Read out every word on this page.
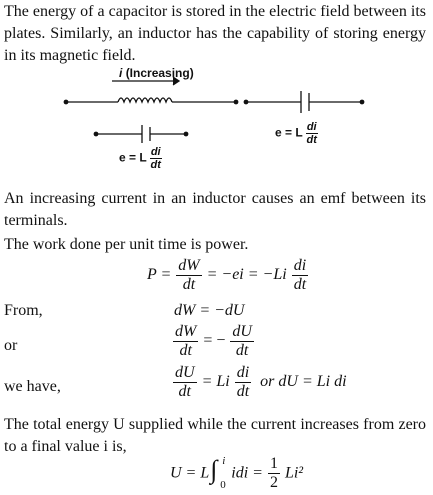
The energy of a capacitor is stored in the electric field between its plates. Similarly, an inductor has the capability of storing energy in its magnetic field.

i (Increasing)
e = L $\frac{di}{dt}$
e = L $\frac{di}{dt}$

An increasing current in an inductor causes an emf between its terminals.

The work done per unit time is power.

$P = \frac{dW}{dt} = -ei = -Li \frac{di}{dt}$
From,	dW = −dU
or	$\frac{dW}{dt}$ = − $\frac{dU}{dt}$
we have,	$\frac{dU}{dt} = Li \frac{di}{dt}$ or dU = Li di

The total energy U supplied while the current increases from zero to a final value i is,

U = L ∫ i
0
idi = $\frac{1}{2} Li^2$
